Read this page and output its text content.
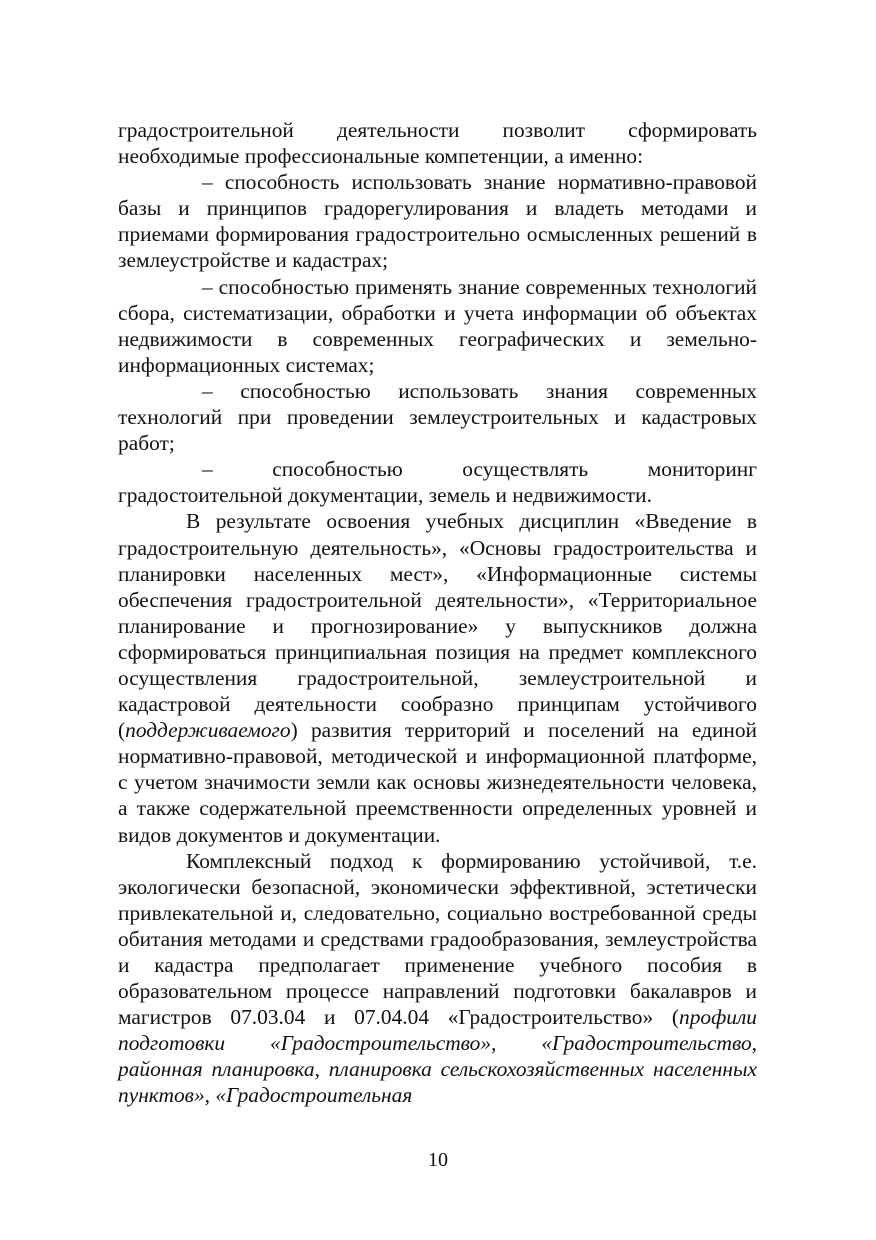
градостроительной деятельности позволит сформировать необходимые профессиональные компетенции, а именно:

– способность использовать знание нормативно-правовой базы и принципов градорегулирования и владеть методами и приемами формирования градостроительно осмысленных решений в землеустройстве и кадастрах;

– способностью применять знание современных технологий сбора, систематизации, обработки и учета информации об объектах недвижимости в современных географических и земельно-информационных системах;

– способностью использовать знания современных технологий при проведении землеустроительных и кадастровых работ;

– способностью осуществлять мониторинг градостоительной документации, земель и недвижимости.

В результате освоения учебных дисциплин «Введение в градостроительную деятельность», «Основы градостроительства и планировки населенных мест», «Информационные системы обеспечения градостроительной деятельности», «Территориальное планирование и прогнозирование» у выпускников должна сформироваться принципиальная позиция на предмет комплексного осуществления градостроительной, землеустроительной и кадастровой деятельности сообразно принципам устойчивого (поддерживаемого) развития территорий и поселений на единой нормативно-правовой, методической и информационной платформе, с учетом значимости земли как основы жизнедеятельности человека, а также содержательной преемственности определенных уровней и видов документов и документации.

Комплексный подход к формированию устойчивой, т.е. экологически безопасной, экономически эффективной, эстетически привлекательной и, следовательно, социально востребованной среды обитания методами и средствами градообразования, землеустройства и кадастра предполагает применение учебного пособия в образовательном процессе направлений подготовки бакалавров и магистров 07.03.04 и 07.04.04 «Градостроительство» (профили подготовки «Градостроительство», «Градостроительство, районная планировка, планировка сельскохозяйственных населенных пунктов», «Градостроительная

10
